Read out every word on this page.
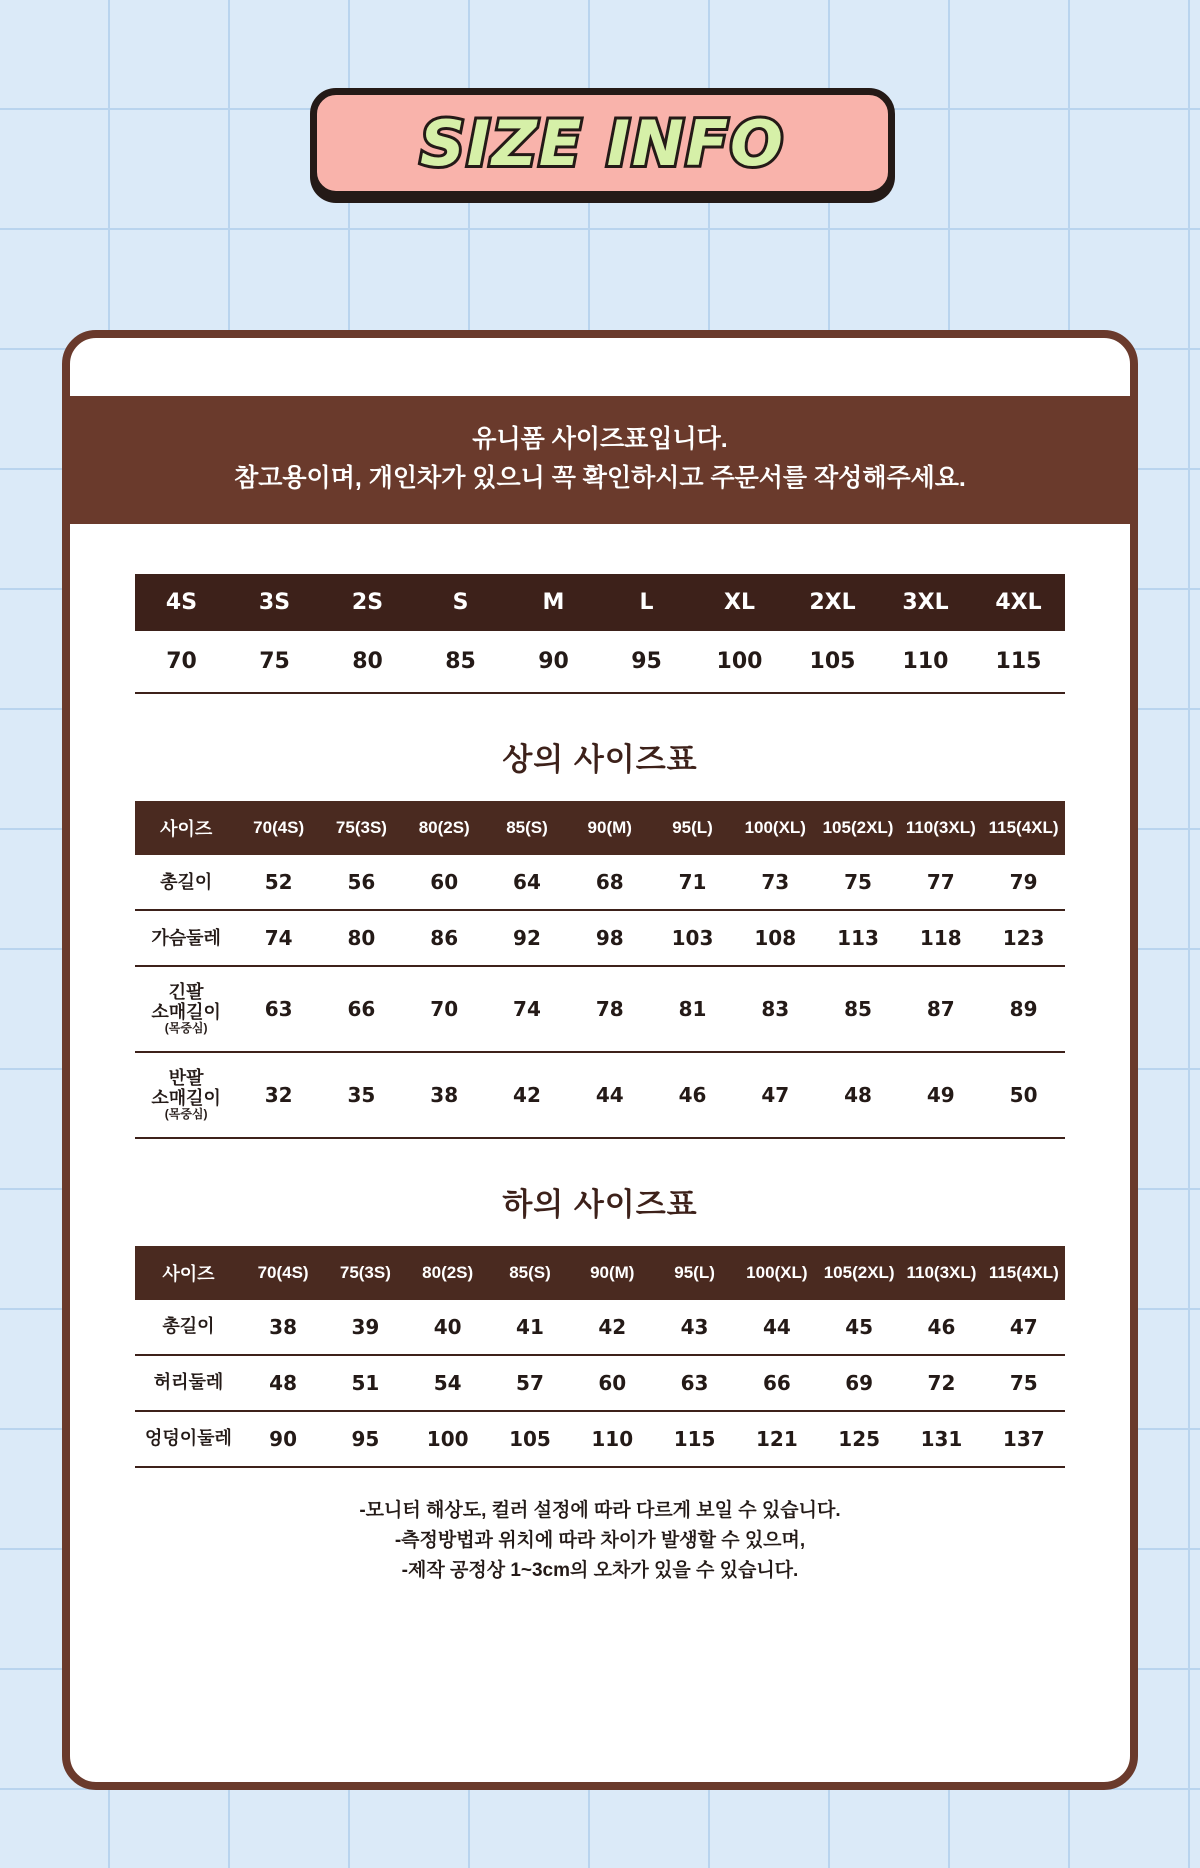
SIZE INFO
유니폼 사이즈표입니다.
참고용이며, 개인차가 있으니 꼭 확인하시고 주문서를 작성해주세요.
4S	3S	2S	S	M	L	XL	2XL	3XL	4XL
70	75	80	85	90	95	100	105	110	115
상의 사이즈표
사이즈	70(4S)	75(3S)	80(2S)	85(S)	90(M)	95(L)	100(XL)	105(2XL)	110(3XL)	115(4XL)
총길이	52	56	60	64	68	71	73	75	77	79
가슴둘레	74	80	86	92	98	103	108	113	118	123
긴팔
소매길이
(목중심)	63	66	70	74	78	81	83	85	87	89
반팔
소매길이
(목중심)	32	35	38	42	44	46	47	48	49	50
하의 사이즈표
사이즈	70(4S)	75(3S)	80(2S)	85(S)	90(M)	95(L)	100(XL)	105(2XL)	110(3XL)	115(4XL)
총길이	38	39	40	41	42	43	44	45	46	47
허리둘레	48	51	54	57	60	63	66	69	72	75
엉덩이둘레	90	95	100	105	110	115	121	125	131	137
-모니터 해상도, 컬러 설정에 따라 다르게 보일 수 있습니다.
-측정방법과 위치에 따라 차이가 발생할 수 있으며,
-제작 공정상 1~3cm의 오차가 있을 수 있습니다.
